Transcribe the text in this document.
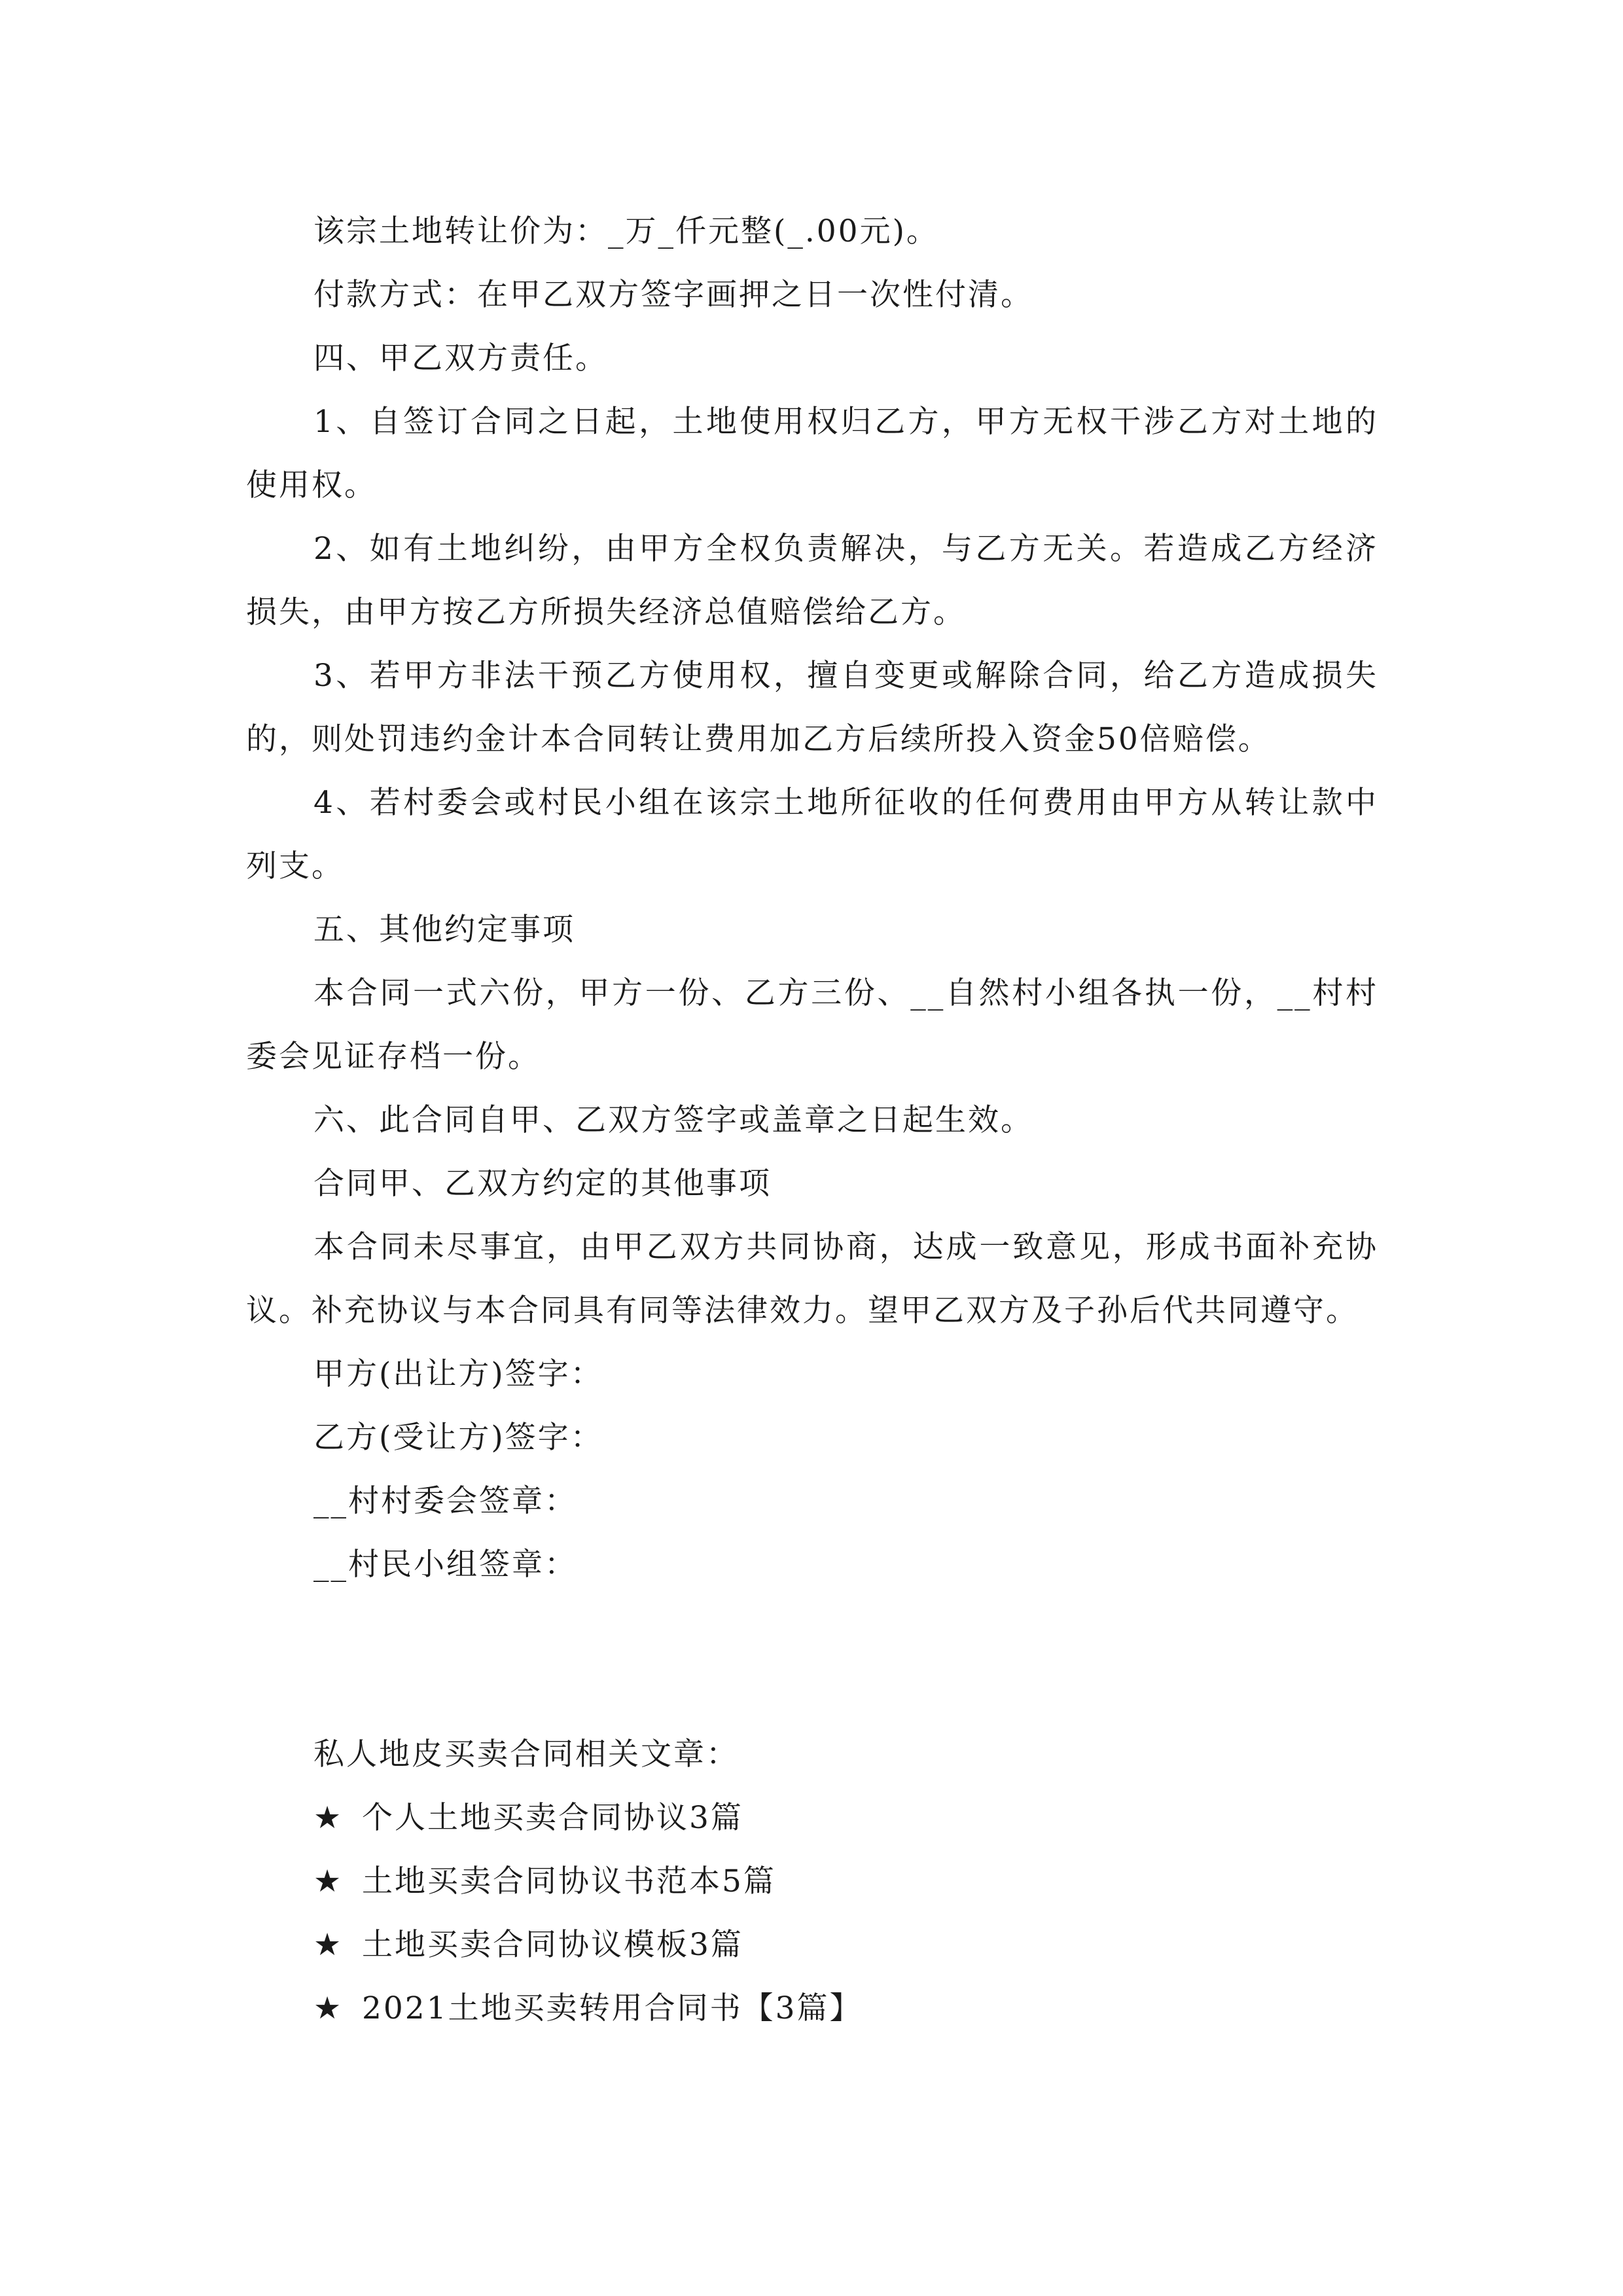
该宗土地转让价为：_万_仟元整(_.00元)。

付款方式：在甲乙双方签字画押之日一次性付清。

四、甲乙双方责任。

1、自签订合同之日起，土地使用权归乙方，甲方无权干涉乙方对土地的使用权。

2、如有土地纠纷，由甲方全权负责解决，与乙方无关。若造成乙方经济损失，由甲方按乙方所损失经济总值赔偿给乙方。

3、若甲方非法干预乙方使用权，擅自变更或解除合同，给乙方造成损失的，则处罚违约金计本合同转让费用加乙方后续所投入资金50倍赔偿。

4、若村委会或村民小组在该宗土地所征收的任何费用由甲方从转让款中列支。

五、其他约定事项

本合同一式六份，甲方一份、乙方三份、__自然村小组各执一份，__村村委会见证存档一份。

六、此合同自甲、乙双方签字或盖章之日起生效。

合同甲、乙双方约定的其他事项

本合同未尽事宜，由甲乙双方共同协商，达成一致意见，形成书面补充协议。补充协议与本合同具有同等法律效力。望甲乙双方及子孙后代共同遵守。

甲方(出让方)签字：

乙方(受让方)签字：

__村村委会签章：

__村民小组签章：

私人地皮买卖合同相关文章：

★ 个人土地买卖合同协议3篇
★ 土地买卖合同协议书范本5篇
★ 土地买卖合同协议模板3篇
★ 2021土地买卖转用合同书【3篇】
